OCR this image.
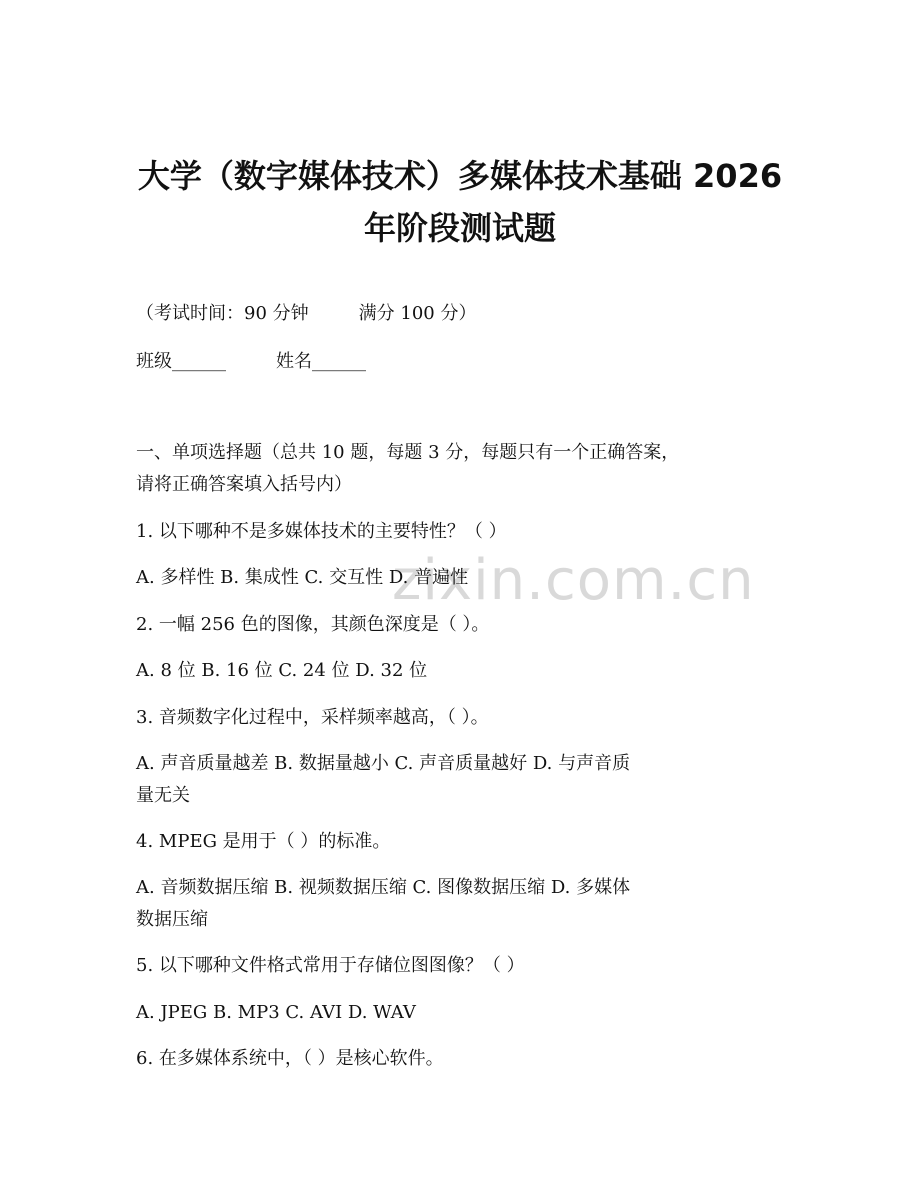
zixin.com.cn
大学（数字媒体技术）多媒体技术基础 2026
年阶段测试题
（考试时间：90 分钟	满分 100 分）
班级______	姓名______
一、单项选择题（总共 10 题，每题 3 分，每题只有一个正确答案，
请将正确答案填入括号内）
1. 以下哪种不是多媒体技术的主要特性？（ ）
A. 多样性 B. 集成性 C. 交互性 D. 普遍性
2. 一幅 256 色的图像，其颜色深度是（ ）。
A. 8 位 B. 16 位 C. 24 位 D. 32 位
3. 音频数字化过程中，采样频率越高，（ ）。
A. 声音质量越差 B. 数据量越小 C. 声音质量越好 D. 与声音质
量无关
4. MPEG 是用于（ ）的标准。
A. 音频数据压缩 B. 视频数据压缩 C. 图像数据压缩 D. 多媒体
数据压缩
5. 以下哪种文件格式常用于存储位图图像？（ ）
A. JPEG B. MP3 C. AVI D. WAV
6. 在多媒体系统中，（ ）是核心软件。
